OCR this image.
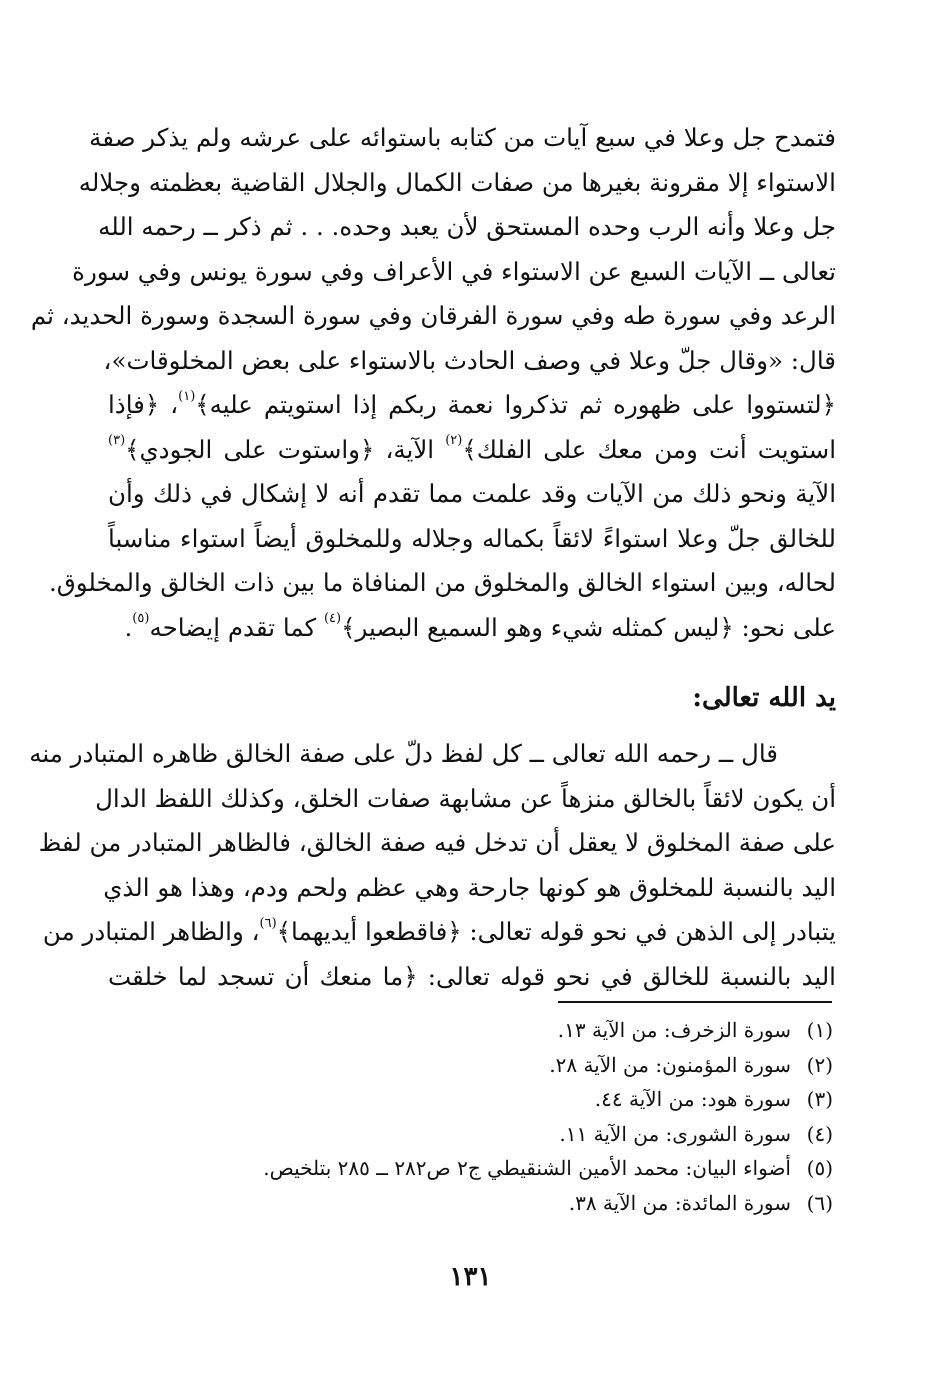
فتمدح جل وعلا في سبع آيات من كتابه باستوائه على عرشه ولم يذكر صفة
الاستواء إلا مقرونة بغيرها من صفات الكمال والجلال القاضية بعظمته وجلاله
جل وعلا وأنه الرب وحده المستحق لأن يعبد وحده. . . ثم ذكر ــ رحمه الله
تعالى ــ الآيات السبع عن الاستواء في الأعراف وفي سورة يونس وفي سورة
الرعد وفي سورة طه وفي سورة الفرقان وفي سورة السجدة وسورة الحديد، ثم
قال: «وقال جلّ وعلا في وصف الحادث بالاستواء على بعض المخلوقات»،
﴿لتستووا على ظهوره ثم تذكروا نعمة ربكم إذا استويتم عليه﴾$^{(١)}$، ﴿فإذا
استويت أنت ومن معك على الفلك﴾$^{(٢)}$ الآية، ﴿واستوت على الجودي﴾$^{(٣)}$
الآية ونحو ذلك من الآيات وقد علمت مما تقدم أنه لا إشكال في ذلك وأن
للخالق جلّ وعلا استواءً لائقاً بكماله وجلاله وللمخلوق أيضاً استواء مناسباً
لحاله، وبين استواء الخالق والمخلوق من المنافاة ما بين ذات الخالق والمخلوق.
على نحو: ﴿ليس كمثله شيء وهو السميع البصير﴾$^{(٤)}$ كما تقدم إيضاحه$^{(٥)}$.

يد الله تعالى:

قال ــ رحمه الله تعالى ــ كل لفظ دلّ على صفة الخالق ظاهره المتبادر منه
أن يكون لائقاً بالخالق منزهاً عن مشابهة صفات الخلق، وكذلك اللفظ الدال
على صفة المخلوق لا يعقل أن تدخل فيه صفة الخالق، فالظاهر المتبادر من لفظ
اليد بالنسبة للمخلوق هو كونها جارحة وهي عظم ولحم ودم، وهذا هو الذي
يتبادر إلى الذهن في نحو قوله تعالى: ﴿فاقطعوا أيديهما﴾$^{(٦)}$، والظاهر المتبادر من
اليد بالنسبة للخالق في نحو قوله تعالى: ﴿ما منعك أن تسجد لما خلقت

(١)سورة الزخرف: من الآية ١٣.
(٢)سورة المؤمنون: من الآية ٢٨.
(٣)سورة هود: من الآية ٤٤.
(٤)سورة الشورى: من الآية ١١.
(٥)أضواء البيان: محمد الأمين الشنقيطي ج٢ ص٢٨٢ ــ ٢٨٥ بتلخيص.
(٦)سورة المائدة: من الآية ٣٨.
١٣١
